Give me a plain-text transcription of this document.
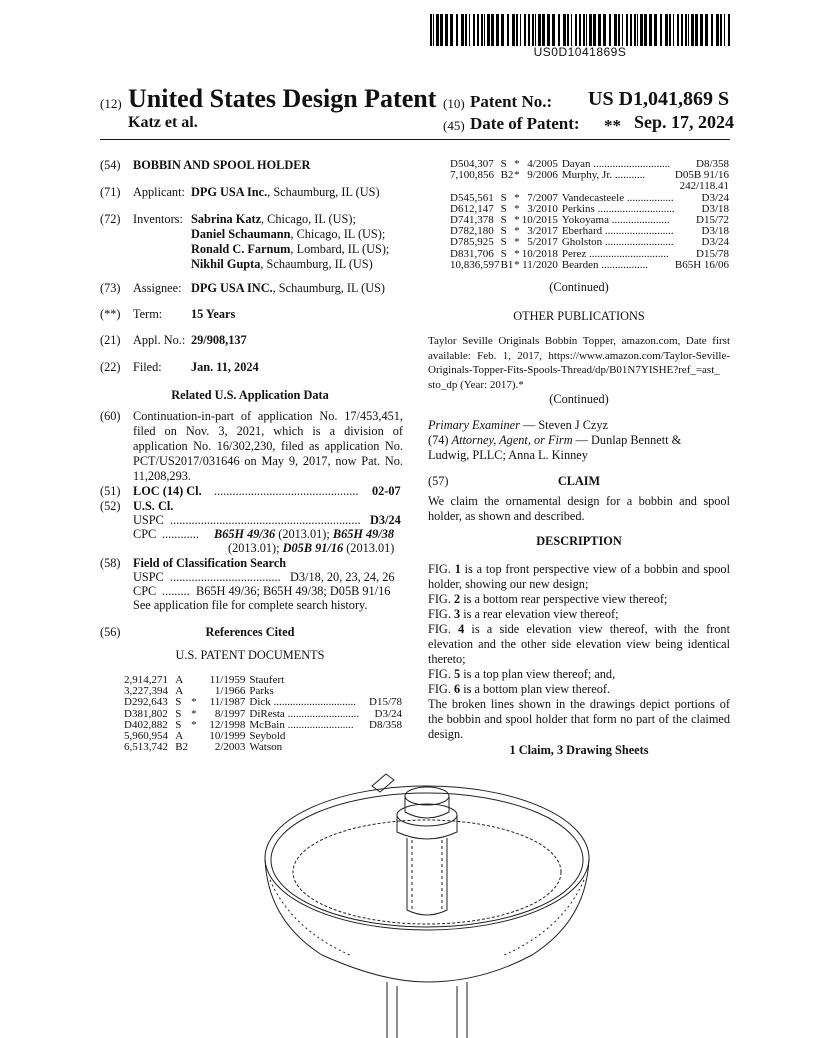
US0D1041869S
(12) United States Design Patent
Katz et al.
(10) Patent No.: US D1,041,869 S
(45) Date of Patent: ** Sep. 17, 2024
(54) BOBBIN AND SPOOL HOLDER
(71) Applicant: DPG USA Inc., Schaumburg, IL (US)
(72) Inventors: Sabrina Katz, Chicago, IL (US);
Daniel Schaumann, Chicago, IL (US);
Ronald C. Farnum, Lombard, IL (US);
Nikhil Gupta, Schaumburg, IL (US)
(73) Assignee: DPG USA INC., Schaumburg, IL (US)
(**) Term: 15 Years
(21) Appl. No.: 29/908,137
(22) Filed: Jan. 11, 2024
Related U.S. Application Data
(60) Continuation-in-part of application No. 17/453,451,
filed on Nov. 3, 2021, which is a division of
application No. 16/302,230, filed as application No.
PCT/US2017/031646 on May 9, 2017, now Pat. No.
11,208,293.
(51) LOC (14) Cl. ............................................... 02-07
(52) U.S. Cl.
USPC .............................................................. D3/24
CPC ............ B65H 49/36 (2013.01); B65H 49/38
(2013.01); D05B 91/16 (2013.01)
(58) Field of Classification Search
USPC .................................... D3/18, 20, 23, 24, 26
CPC ......... B65H 49/36; B65H 49/38; D05B 91/16
See application file for complete search history.
(56)	References Cited
U.S. PATENT DOCUMENTS
2,914,271	A		11/1959	Staufert	
3,227,394	A		1/1966	Parks	
D292,643	S	*	11/1987	Dick ..............................	D15/78
D381,802	S	*	8/1997	DiResta ..........................	D3/24
D402,882	S	*	12/1998	McBain ........................	D8/358
5,960,954	A		10/1999	Seybold	
6,513,742	B2		2/2003	Watson	
D504,307	S	*	4/2005	Dayan ............................	D8/358
7,100,856	B2	*	9/2006	Murphy, Jr. ...........	D05B 91/16
					242/118.41
D545,561	S	*	7/2007	Vandecasteele .................	D3/24
D612,147	S	*	3/2010	Perkins ............................	D3/18
D741,378	S	*	10/2015	Yokoyama .....................	D15/72
D782,180	S	*	3/2017	Eberhard .........................	D3/18
D785,925	S	*	5/2017	Gholston .........................	D3/24
D831,706	S	*	10/2018	Perez .............................	D15/78
10,836,597	B1	*	11/2020	Bearden .................	B65H 16/06
(Continued)
OTHER PUBLICATIONS
Taylor Seville Originals Bobbin Topper, amazon.com, Date first
available: Feb. 1, 2017, https://www.amazon.com/Taylor-Seville-
Originals-Topper-Fits-Spools-Thread/dp/B01N7YISHE?ref_=ast_
sto_dp (Year: 2017).*
(Continued)
Primary Examiner — Steven J Czyz
(74) Attorney, Agent, or Firm — Dunlap Bennett &
Ludwig, PLLC; Anna L. Kinney
(57)	CLAIM
We claim the ornamental design for a bobbin and spool
holder, as shown and described.
DESCRIPTION
FIG. 1 is a top front perspective view of a bobbin and spool
holder, showing our new design;
FIG. 2 is a bottom rear perspective view thereof;
FIG. 3 is a rear elevation view thereof;
FIG. 4 is a side elevation view thereof, with the front
elevation and the other side elevation view being identical
thereto;
FIG. 5 is a top plan view thereof; and,
FIG. 6 is a bottom plan view thereof.
The broken lines shown in the drawings depict portions of
the bobbin and spool holder that form no part of the claimed
design.
1 Claim, 3 Drawing Sheets
